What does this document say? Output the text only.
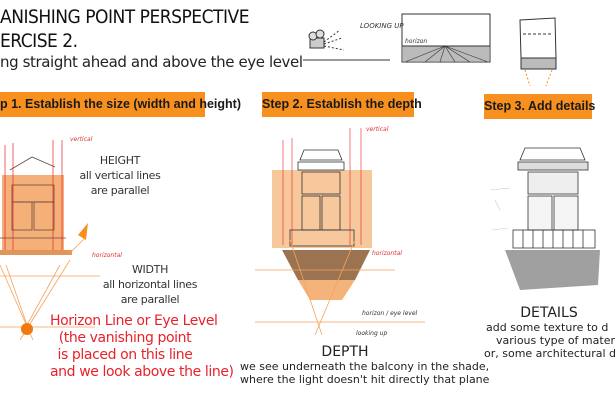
ANISHING POINT PERSPECTIVE
ERCISE 2.
ng straight ahead and above the eye level
LOOKING UP
horizon
p 1. Establish the size (width and height) Step 2. Establish the depth	Step 3. Add details
vertical
horizontal
HEIGHT
all vertical lines
are parallel
WIDTH
all horizontal lines
are parallel
Horizon Line or Eye Level
(the vanishing point
is placed on this line
and we look above the line)
vertical
horizontal
horizon / eye level
looking up
DEPTH
we see underneath the balcony in the shade,
where the light doesn't hit directly that plane
DETAILS
add some texture to d
various type of mater
or, some architectural d
